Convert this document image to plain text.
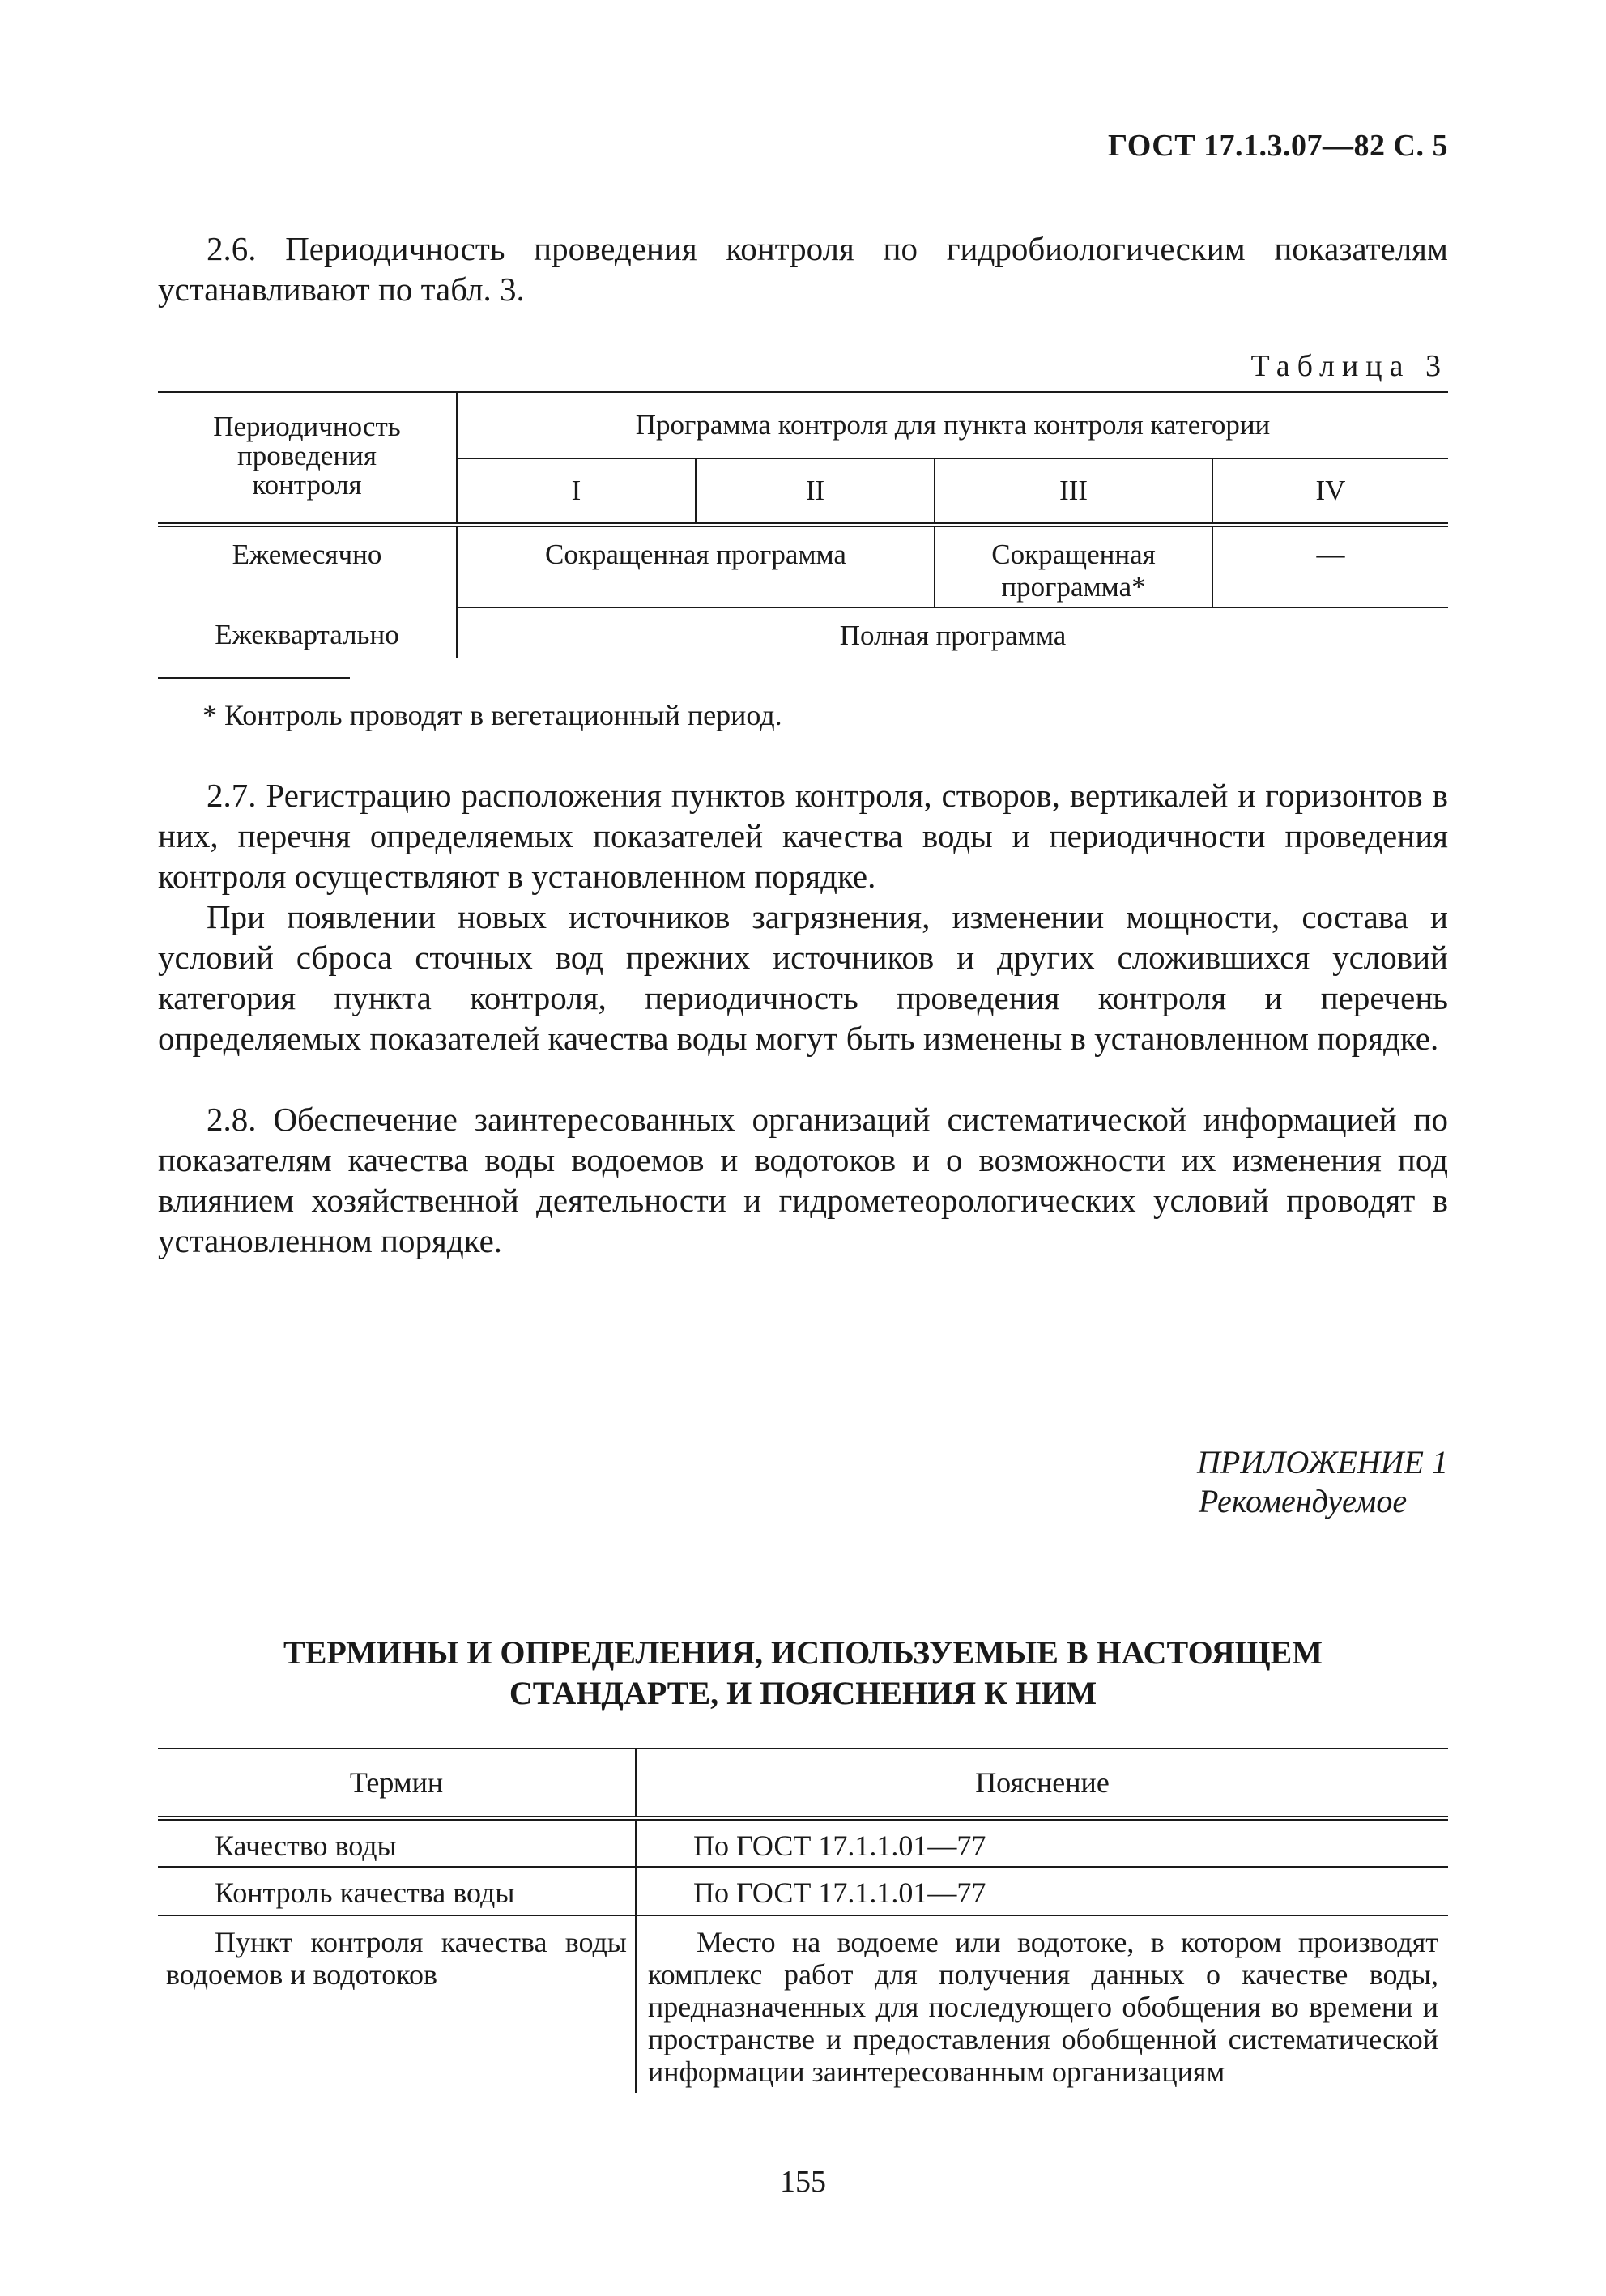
ГОСТ 17.1.3.07—82 С. 5
2.6. Периодичность проведения контроля по гидробиологическим показателям устанавливают по табл. 3.
Таблица 3
Периодичность проведения контроля	Программа контроля для пункта контроля категории			
	I	II	III	IV
Ежемесячно	Сокращенная программа		Сокращенная программа*	—
Ежеквартально	Полная программа			
* Контроль проводят в вегетационный период.
2.7. Регистрацию расположения пунктов контроля, створов, вертикалей и горизонтов в них, перечня определяемых показателей качества воды и периодичности проведения контроля осуществляют в установленном порядке.
При появлении новых источников загрязнения, изменении мощности, состава и условий сброса сточных вод прежних источников и других сложившихся условий категория пункта контроля, периодичность проведения контроля и перечень определяемых показателей качества воды могут быть изменены в установленном порядке.
2.8. Обеспечение заинтересованных организаций систематической информацией по показателям качества воды водоемов и водотоков и о возможности их изменения под влиянием хозяйственной деятельности и гидрометеорологических условий проводят в установленном порядке.
ПРИЛОЖЕНИЕ 1
Рекомендуемое
ТЕРМИНЫ И ОПРЕДЕЛЕНИЯ, ИСПОЛЬЗУЕМЫЕ В НАСТОЯЩЕМ
СТАНДАРТЕ, И ПОЯСНЕНИЯ К НИМ
Термин	Пояснение
Качество воды	По ГОСТ 17.1.1.01—77
Контроль качества воды	По ГОСТ 17.1.1.01—77
Пункт контроля качества воды водоемов и водотоков	Место на водоеме или водотоке, в котором производят комплекс работ для получения данных о качестве воды, предназначенных для последующего обобщения во времени и пространстве и предоставления обобщенной систематической информации заинтересованным организациям
155
